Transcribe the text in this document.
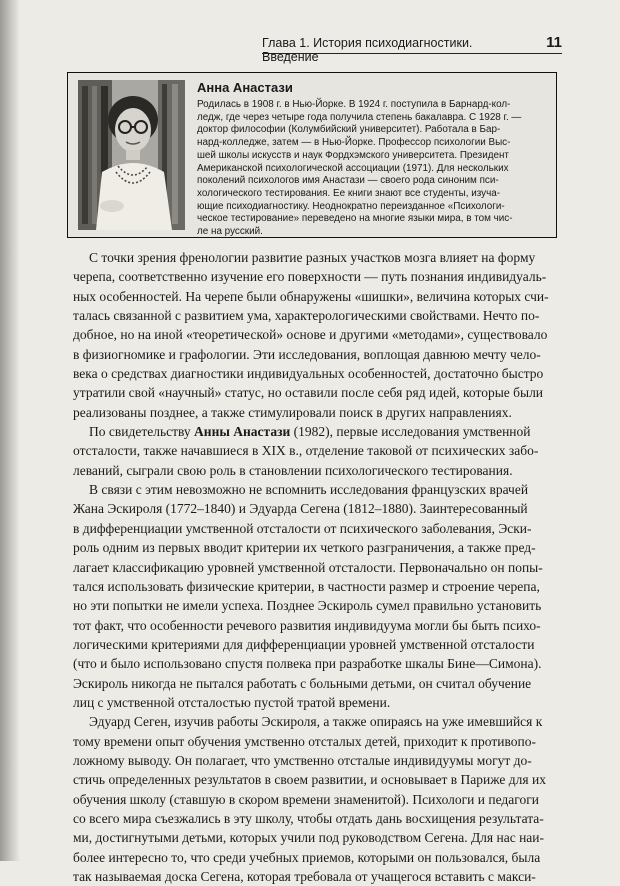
Глава 1. История психодиагностики. Введение
11
Анна Анастази

Родилась в 1908 г. в Нью-Йорке. В 1924 г. поступила в Барнард-кол-
ледж, где через четыре года получила степень бакалавра. С 1928 г. —
доктор философии (Колумбийский университет). Работала в Бар-
нард-колледже, затем — в Нью-Йорке. Профессор психологии Выс-
шей школы искусств и наук Фордхэмского университета. Президент
Американской психологической ассоциации (1971). Для нескольких
поколений психологов имя Анастази — своего рода синоним пси-
хологического тестирования. Ее книги знают все студенты, изуча-
ющие психодиагностику. Неоднократно переизданное «Психологи-
ческое тестирование» переведено на многие языки мира, в том чис-
ле на русский.

С точки зрения френологии развитие разных участков мозга влияет на форму
черепа, соответственно изучение его поверхности — путь познания индивидуаль-
ных особенностей. На черепе были обнаружены «шишки», величина которых счи-
талась связанной с развитием ума, характерологическими свойствами. Нечто по-
добное, но на иной «теоретической» основе и другими «методами», существовало
в физиогномике и графологии. Эти исследования, воплощая давнюю мечту чело-
века о средствах диагностики индивидуальных особенностей, достаточно быстро
утратили свой «научный» статус, но оставили после себя ряд идей, которые были
реализованы позднее, а также стимулировали поиск в других направлениях.
По свидетельству Анны Анастази (1982), первые исследования умственной
отсталости, также начавшиеся в XIX в., отделение таковой от психических забо-
леваний, сыграли свою роль в становлении психологического тестирования.
В связи с этим невозможно не вспомнить исследования французских врачей
Жана Эскироля (1772–1840) и Эдуарда Сегена (1812–1880). Заинтересованный
в дифференциации умственной отсталости от психического заболевания, Эски-
роль одним из первых вводит критерии их четкого разграничения, а также пред-
лагает классификацию уровней умственной отсталости. Первоначально он попы-
тался использовать физические критерии, в частности размер и строение черепа,
но эти попытки не имели успеха. Позднее Эскироль сумел правильно установить
тот факт, что особенности речевого развития индивидуума могли бы быть психо-
логическими критериями для дифференциации уровней умственной отсталости
(что и было использовано спустя полвека при разработке шкалы Бине—Симона).
Эскироль никогда не пытался работать с больными детьми, он считал обучение
лиц с умственной отсталостью пустой тратой времени.
Эдуард Сеген, изучив работы Эскироля, а также опираясь на уже имевшийся к
тому времени опыт обучения умственно отсталых детей, приходит к противопо-
ложному выводу. Он полагает, что умственно отсталые индивидуумы могут до-
стичь определенных результатов в своем развитии, и основывает в Париже для их
обучения школу (ставшую в скором времени знаменитой). Психологи и педагоги
со всего мира съезжались в эту школу, чтобы отдать дань восхищения результата-
ми, достигнутыми детьми, которых учили под руководством Сегена. Для нас наи-
более интересно то, что среди учебных приемов, которыми он пользовался, была
так называемая доска Сегена, которая требовала от учащегося вставить с макси-
